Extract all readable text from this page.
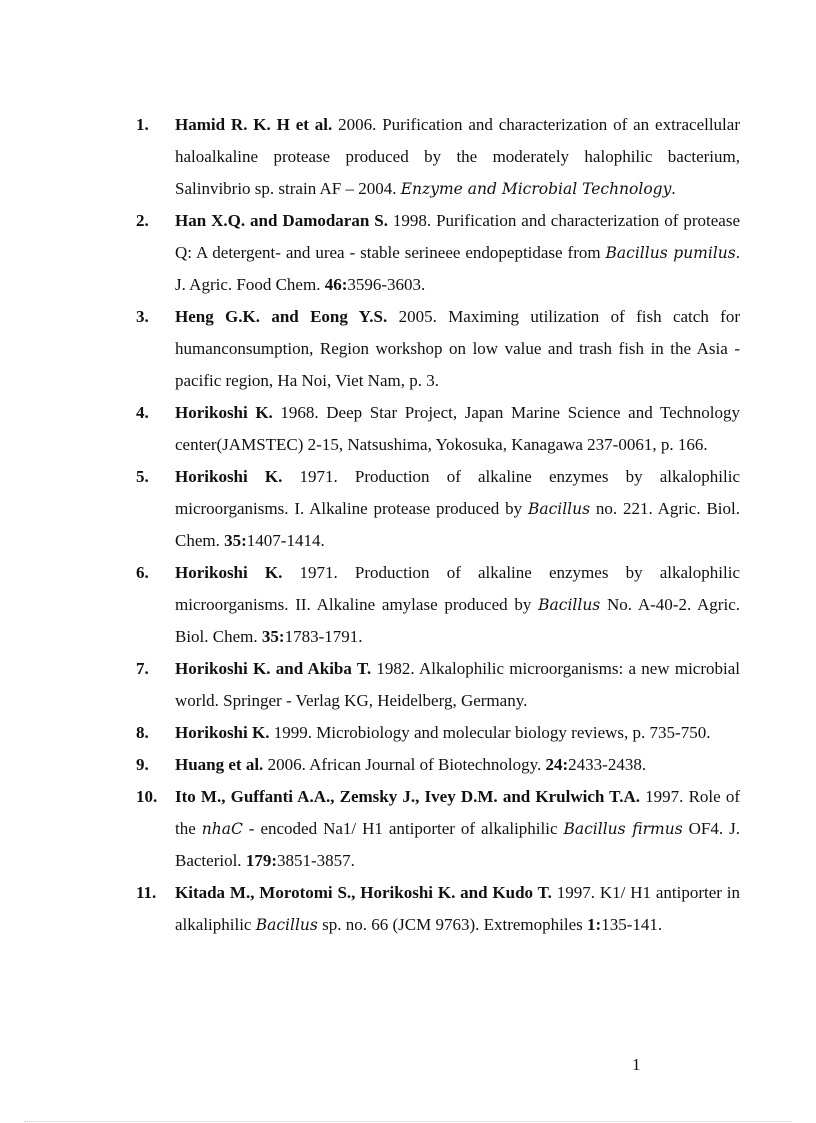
1.	Hamid R. K. H et al. 2006. Purification and characterization of an extracellular haloalkaline protease produced by the moderately halophilic bacterium, Salinvibrio sp. strain AF – 2004. Enzyme and Microbial Technology.
2.	Han X.Q. and Damodaran S. 1998. Purification and characterization of protease Q: A detergent- and urea - stable serineee endopeptidase from Bacillus pumilus. J. Agric. Food Chem. 46:3596-3603.
3.	Heng G.K. and Eong Y.S. 2005. Maximing utilization of fish catch for humanconsumption, Region workshop on low value and trash fish in the Asia - pacific region, Ha Noi, Viet Nam, p. 3.
4.	Horikoshi K. 1968. Deep Star Project, Japan Marine Science and Technology center(JAMSTEC) 2-15, Natsushima, Yokosuka, Kanagawa 237-0061, p. 166.
5.	Horikoshi K. 1971. Production of alkaline enzymes by alkalophilic microorganisms. I. Alkaline protease produced by Bacillus no. 221. Agric. Biol. Chem. 35:1407-1414.
6.	Horikoshi K. 1971. Production of alkaline enzymes by alkalophilic microorganisms. II. Alkaline amylase produced by Bacillus No. A-40-2. Agric. Biol. Chem. 35:1783-1791.
7.	Horikoshi K. and Akiba T. 1982. Alkalophilic microorganisms: a new microbial world. Springer - Verlag KG, Heidelberg, Germany.
8.	Horikoshi K. 1999. Microbiology and molecular biology reviews, p. 735-750.
9.	Huang et al. 2006. African Journal of Biotechnology. 24:2433-2438.
10.	Ito M., Guffanti A.A., Zemsky J., Ivey D.M. and Krulwich T.A. 1997. Role of the nhaC - encoded Na1/ H1 antiporter of alkaliphilic Bacillus firmus OF4. J. Bacteriol. 179:3851-3857.
11.	Kitada M., Morotomi S., Horikoshi K. and Kudo T. 1997. K1/ H1 antiporter in alkaliphilic Bacillus sp. no. 66 (JCM 9763). Extremophiles 1:135-141.
1
